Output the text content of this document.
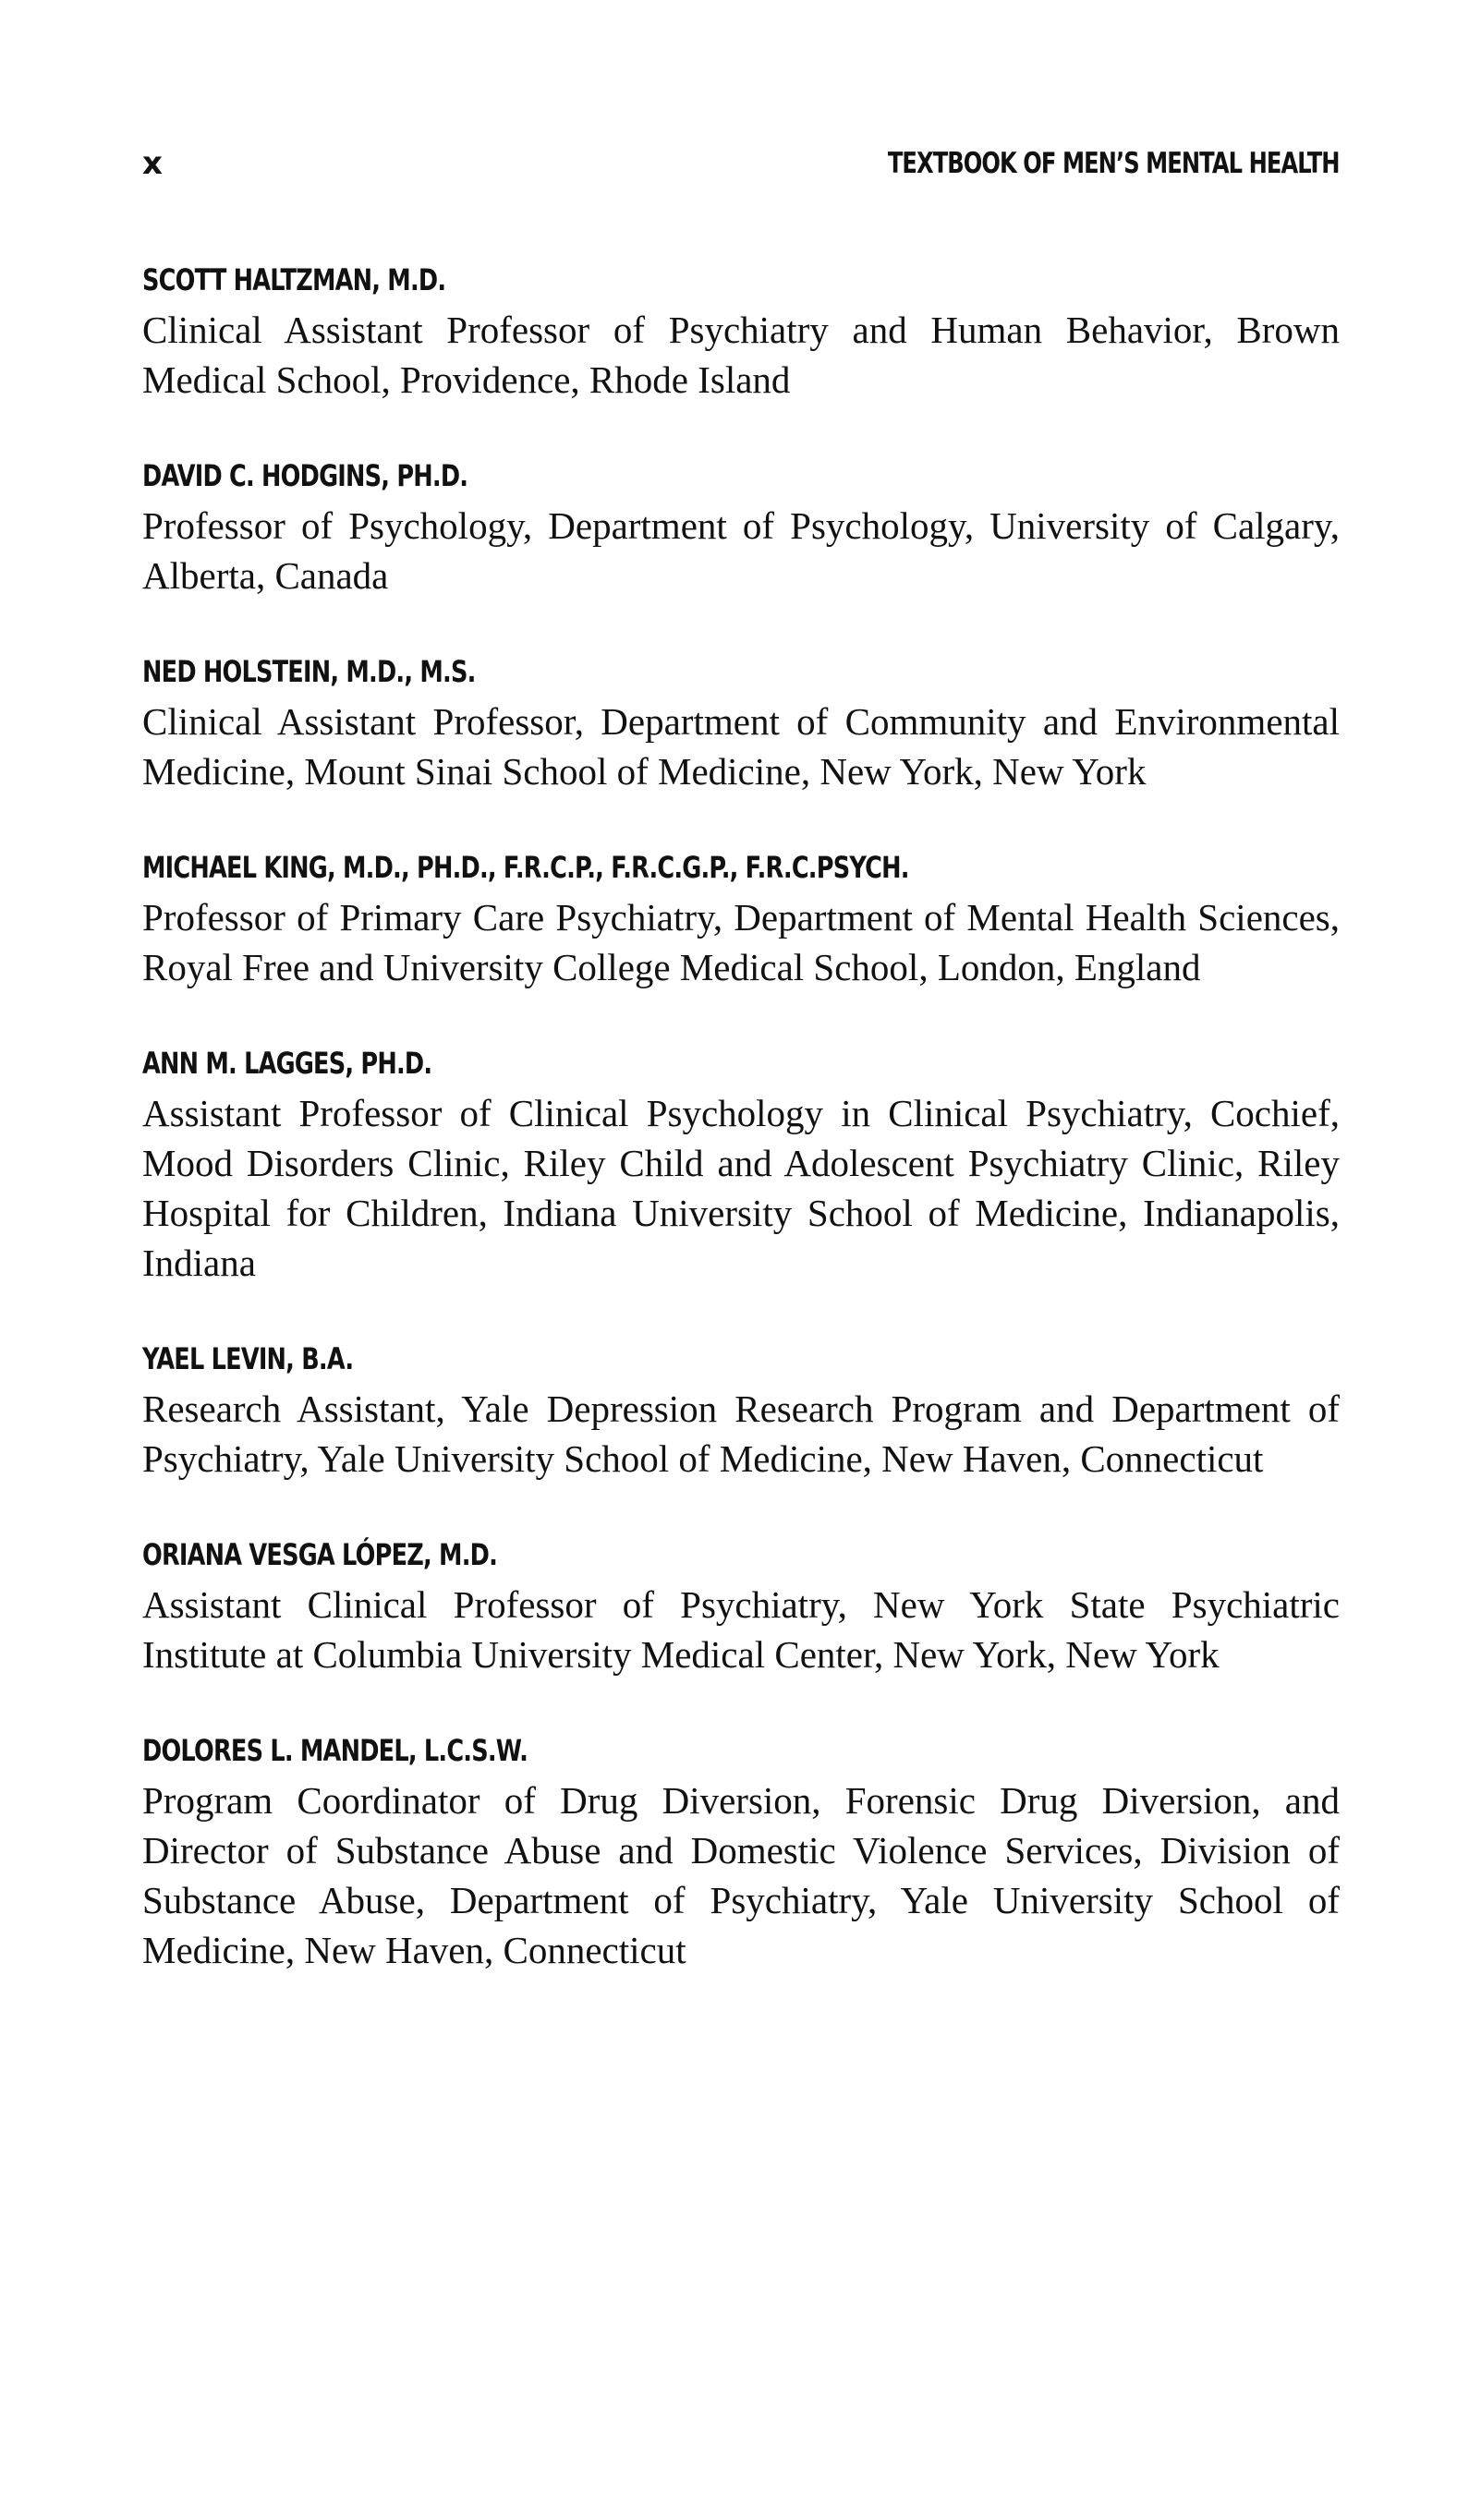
x	TEXTBOOK OF MEN’S MENTAL HEALTH
SCOTT HALTZMAN, M.D.
Clinical Assistant Professor of Psychiatry and Human Behavior, Brown Medical School, Providence, Rhode Island
DAVID C. HODGINS, PH.D.
Professor of Psychology, Department of Psychology, University of Calgary, Alberta, Canada
NED HOLSTEIN, M.D., M.S.
Clinical Assistant Professor, Department of Community and Environmental Medicine, Mount Sinai School of Medicine, New York, New York
MICHAEL KING, M.D., PH.D., F.R.C.P., F.R.C.G.P., F.R.C.PSYCH.
Professor of Primary Care Psychiatry, Department of Mental Health Sciences, Royal Free and University College Medical School, London, England
ANN M. LAGGES, PH.D.
Assistant Professor of Clinical Psychology in Clinical Psychiatry, Cochief, Mood Disorders Clinic, Riley Child and Adolescent Psychiatry Clinic, Riley Hospital for Children, Indiana University School of Medicine, Indianapolis, Indiana
YAEL LEVIN, B.A.
Research Assistant, Yale Depression Research Program and Department of Psychiatry, Yale University School of Medicine, New Haven, Connecticut
ORIANA VESGA LÓPEZ, M.D.
Assistant Clinical Professor of Psychiatry, New York State Psychiatric Institute at Columbia University Medical Center, New York, New York
DOLORES L. MANDEL, L.C.S.W.
Program Coordinator of Drug Diversion, Forensic Drug Diversion, and Director of Substance Abuse and Domestic Violence Services, Division of Substance Abuse, Department of Psychiatry, Yale University School of Medicine, New Haven, Connecticut
